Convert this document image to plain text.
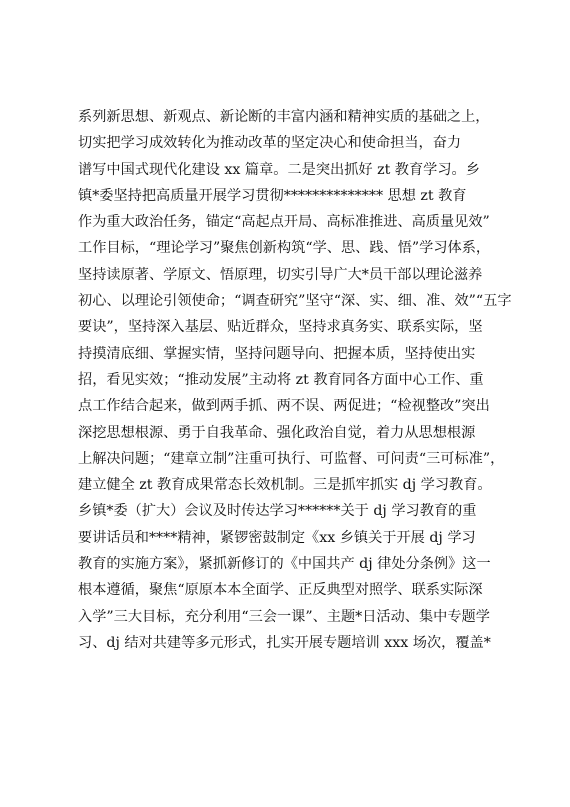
系列新思想、新观点、新论断的丰富内涵和精神实质的基础之上，
切实把学习成效转化为推动改革的坚定决心和使命担当，奋力
谱写中国式现代化建设 xx 篇章。二是突出抓好 zt 教育学习。乡
镇*委坚持把高质量开展学习贯彻************** 思想 zt 教育
作为重大政治任务，锚定“高起点开局、高标准推进、高质量见效”
工作目标，“理论学习”聚焦创新构筑“学、思、践、悟”学习体系，
坚持读原著、学原文、悟原理，切实引导广大*员干部以理论滋养
初心、以理论引领使命；“调查研究”坚守“深、实、细、准、效”“五字
要诀”，坚持深入基层、贴近群众，坚持求真务实、联系实际，坚
持摸清底细、掌握实情，坚持问题导向、把握本质，坚持使出实
招，看见实效；“推动发展”主动将 zt 教育同各方面中心工作、重
点工作结合起来，做到两手抓、两不误、两促进；“检视整改”突出
深挖思想根源、勇于自我革命、强化政治自觉，着力从思想根源
上解决问题；“建章立制”注重可执行、可监督、可问责“三可标准”，
建立健全 zt 教育成果常态长效机制。三是抓牢抓实 dj 学习教育。
乡镇*委（扩大）会议及时传达学习******关于 dj 学习教育的重
要讲话员和****精神，紧锣密鼓制定《xx 乡镇关于开展 dj 学习
教育的实施方案》，紧抓新修订的《中国共产 dj 律处分条例》这一
根本遵循，聚焦“原原本本全面学、正反典型对照学、联系实际深
入学”三大目标，充分利用“三会一课”、主题*日活动、集中专题学
习、dj 结对共建等多元形式，扎实开展专题培训 xxx 场次，覆盖*
